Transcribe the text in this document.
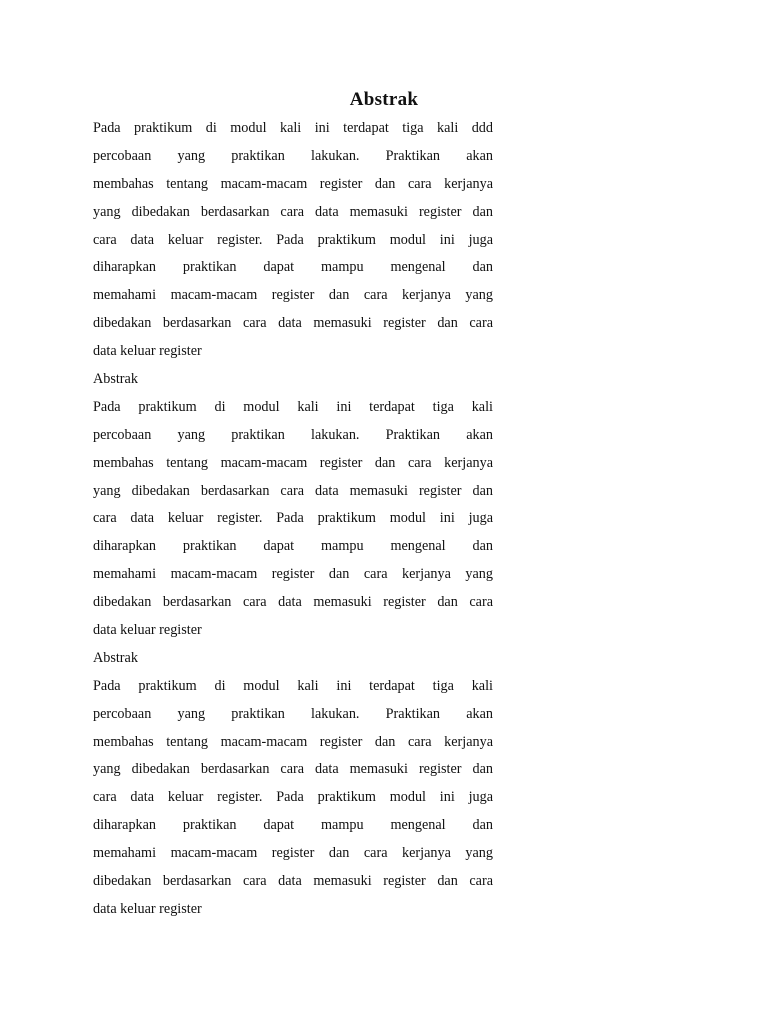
Abstrak
Pada praktikum di modul kali ini terdapat tiga kali ddd
percobaan yang praktikan lakukan. Praktikan akan
membahas tentang macam-macam register dan cara kerjanya
yang dibedakan berdasarkan cara data memasuki register dan
cara data keluar register. Pada praktikum modul ini juga
diharapkan praktikan dapat mampu mengenal dan
memahami macam-macam register dan cara kerjanya yang
dibedakan berdasarkan cara data memasuki register dan cara
data keluar register
Abstrak
Pada praktikum di modul kali ini terdapat tiga kali
percobaan yang praktikan lakukan. Praktikan akan
membahas tentang macam-macam register dan cara kerjanya
yang dibedakan berdasarkan cara data memasuki register dan
cara data keluar register. Pada praktikum modul ini juga
diharapkan praktikan dapat mampu mengenal dan
memahami macam-macam register dan cara kerjanya yang
dibedakan berdasarkan cara data memasuki register dan cara
data keluar register
Abstrak
Pada praktikum di modul kali ini terdapat tiga kali
percobaan yang praktikan lakukan. Praktikan akan
membahas tentang macam-macam register dan cara kerjanya
yang dibedakan berdasarkan cara data memasuki register dan
cara data keluar register. Pada praktikum modul ini juga
diharapkan praktikan dapat mampu mengenal dan
memahami macam-macam register dan cara kerjanya yang
dibedakan berdasarkan cara data memasuki register dan cara
data keluar register
